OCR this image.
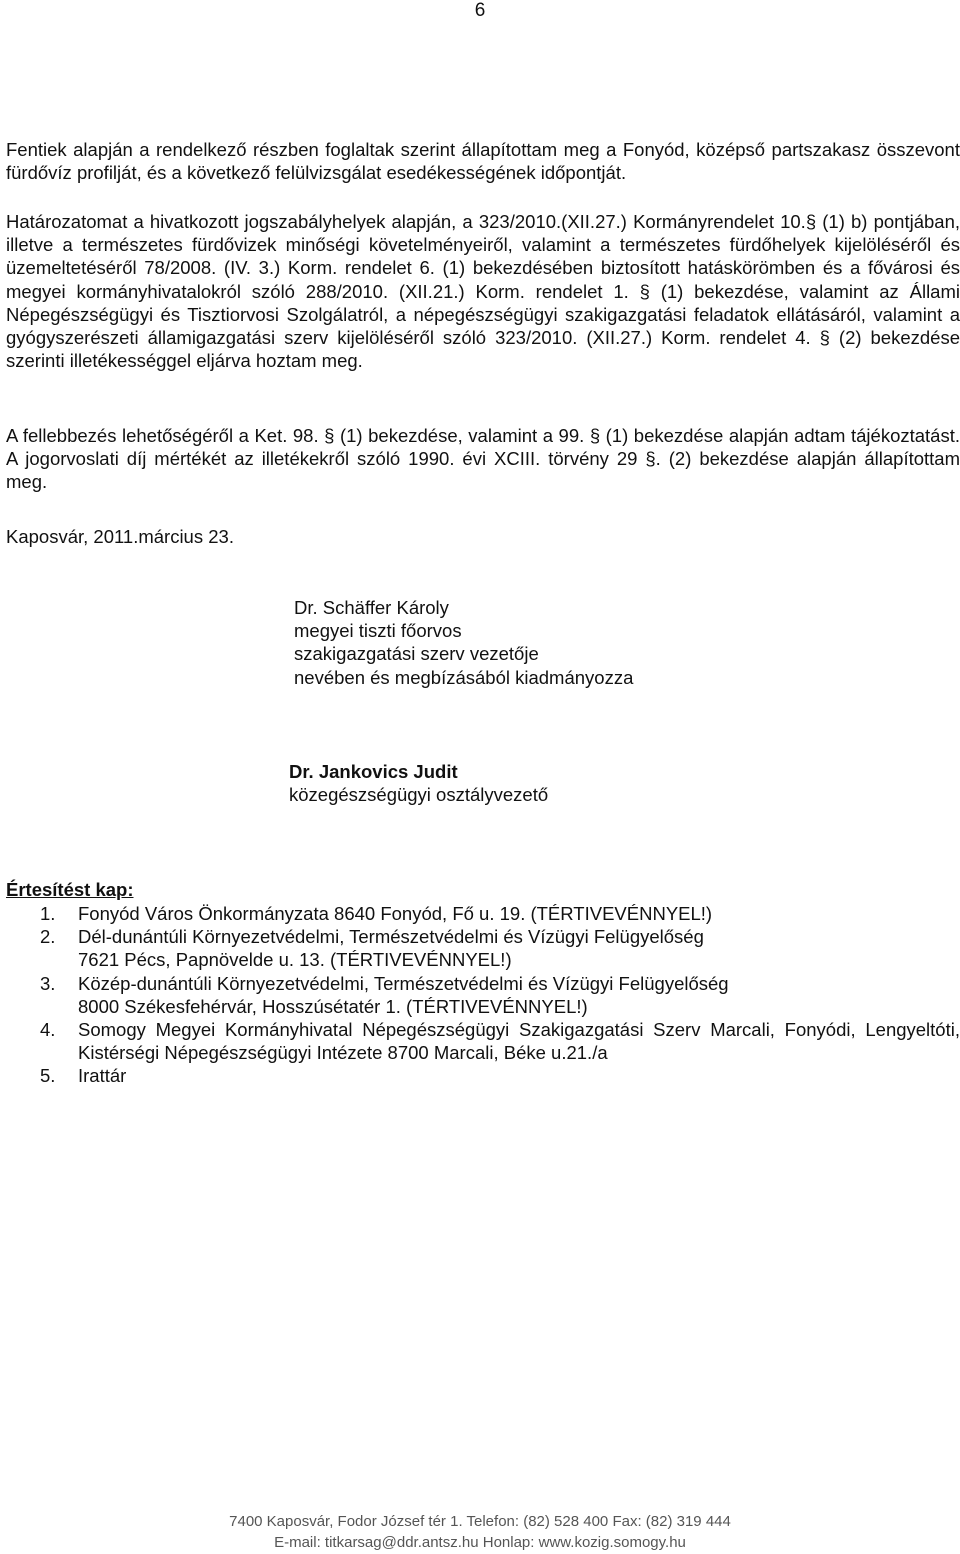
6
Fentiek alapján a rendelkező részben foglaltak szerint állapítottam meg a Fonyód, középső partszakasz összevont fürdővíz profilját, és a következő felülvizsgálat esedékességének időpontját.
Határozatomat a hivatkozott jogszabályhelyek alapján, a 323/2010.(XII.27.) Kormányrendelet 10.§ (1) b) pontjában, illetve a természetes fürdővizek minőségi követelményeiről, valamint a természetes fürdőhelyek kijelöléséről és üzemeltetéséről 78/2008. (IV. 3.) Korm. rendelet 6. (1) bekezdésében biztosított hatáskörömben és a fővárosi és megyei kormányhivatalokról szóló 288/2010. (XII.21.) Korm. rendelet 1. § (1) bekezdése, valamint az Állami Népegészségügyi és Tisztiorvosi Szolgálatról, a népegészségügyi szakigazgatási feladatok ellátásáról, valamint a gyógyszerészeti államigazgatási szerv kijelöléséről szóló 323/2010. (XII.27.) Korm. rendelet 4. § (2) bekezdése szerinti illetékességgel eljárva hoztam meg.
A fellebbezés lehetőségéről a Ket. 98. § (1) bekezdése, valamint a 99. § (1) bekezdése alapján adtam tájékoztatást. A jogorvoslati díj mértékét az illetékekről szóló 1990. évi XCIII. törvény 29 §. (2) bekezdése alapján állapítottam meg.
Kaposvár, 2011.március 23.
Dr. Schäffer Károly
megyei tiszti főorvos
szakigazgatási szerv vezetője
nevében és megbízásából kiadmányozza
Dr. Jankovics Judit
közegészségügyi osztályvezető
Értesítést kap:
1.	Fonyód Város Önkormányzata 8640 Fonyód, Fő u. 19. (TÉRTIVEVÉNNYEL!)
2.	Dél-dunántúli Környezetvédelmi, Természetvédelmi és Vízügyi Felügyelőség
7621 Pécs, Papnövelde u. 13. (TÉRTIVEVÉNNYEL!)
3.	Közép-dunántúli Környezetvédelmi, Természetvédelmi és Vízügyi Felügyelőség
8000 Székesfehérvár, Hosszúsétatér 1. (TÉRTIVEVÉNNYEL!)
4.	Somogy Megyei Kormányhivatal Népegészségügyi Szakigazgatási Szerv Marcali, Fonyódi, Lengyeltóti, Kistérségi Népegészségügyi Intézete 8700 Marcali, Béke u.21./a
5.	Irattár
7400 Kaposvár, Fodor József tér 1. Telefon: (82) 528 400 Fax: (82) 319 444
E-mail: titkarsag@ddr.antsz.hu Honlap: www.kozig.somogy.hu
